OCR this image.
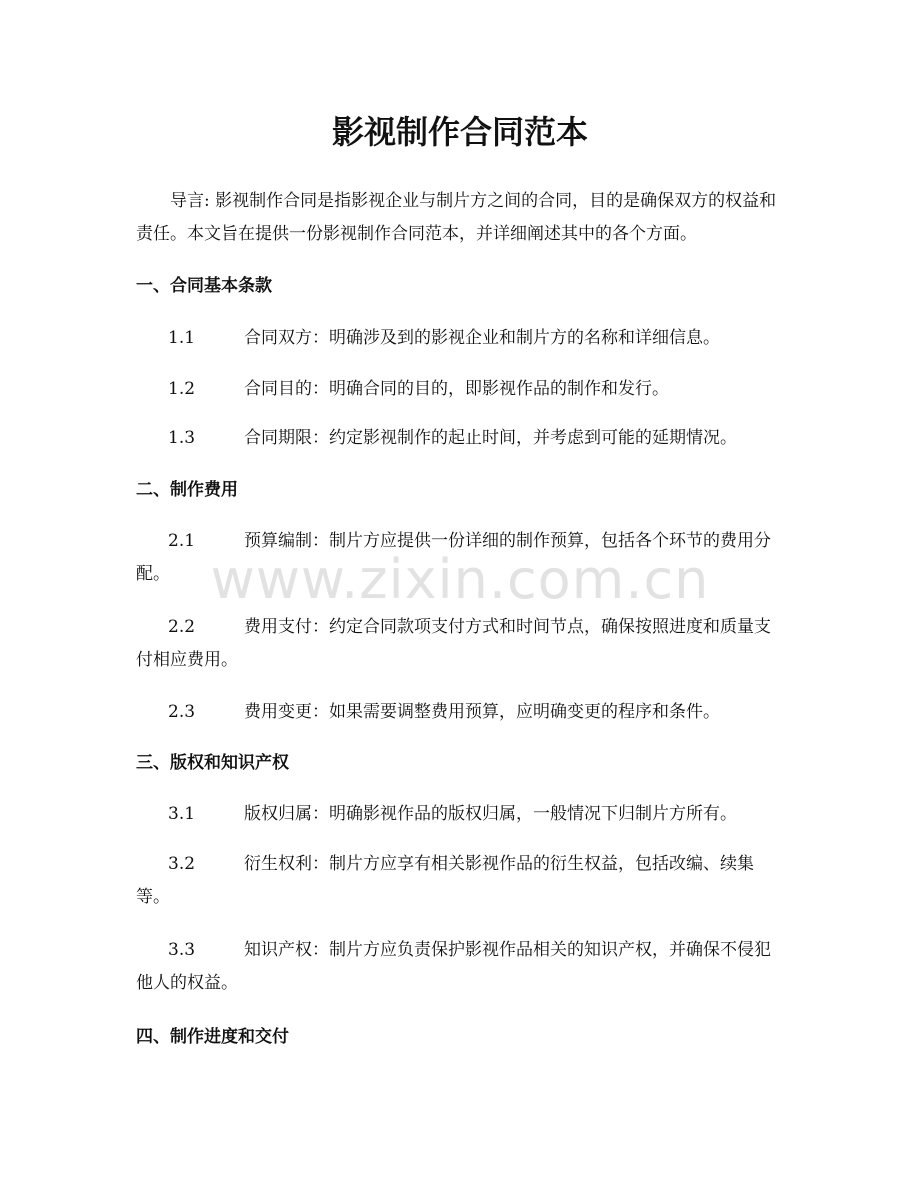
影视制作合同范本

导言: 影视制作合同是指影视企业与制片方之间的合同，目的是确保双方的权益和责任。本文旨在提供一份影视制作合同范本，并详细阐述其中的各个方面。

一、合同基本条款

1.1	合同双方：明确涉及到的影视企业和制片方的名称和详细信息。

1.2	合同目的：明确合同的目的，即影视作品的制作和发行。

1.3	合同期限：约定影视制作的起止时间，并考虑到可能的延期情况。

二、制作费用

2.1	预算编制：制片方应提供一份详细的制作预算，包括各个环节的费用分配。

2.2	费用支付：约定合同款项支付方式和时间节点，确保按照进度和质量支付相应费用。

2.3	费用变更：如果需要调整费用预算，应明确变更的程序和条件。

三、版权和知识产权

3.1	版权归属：明确影视作品的版权归属，一般情况下归制片方所有。

3.2	衍生权利：制片方应享有相关影视作品的衍生权益，包括改编、续集等。

3.3	知识产权：制片方应负责保护影视作品相关的知识产权，并确保不侵犯他人的权益。

四、制作进度和交付
www.zixin.com.cn
